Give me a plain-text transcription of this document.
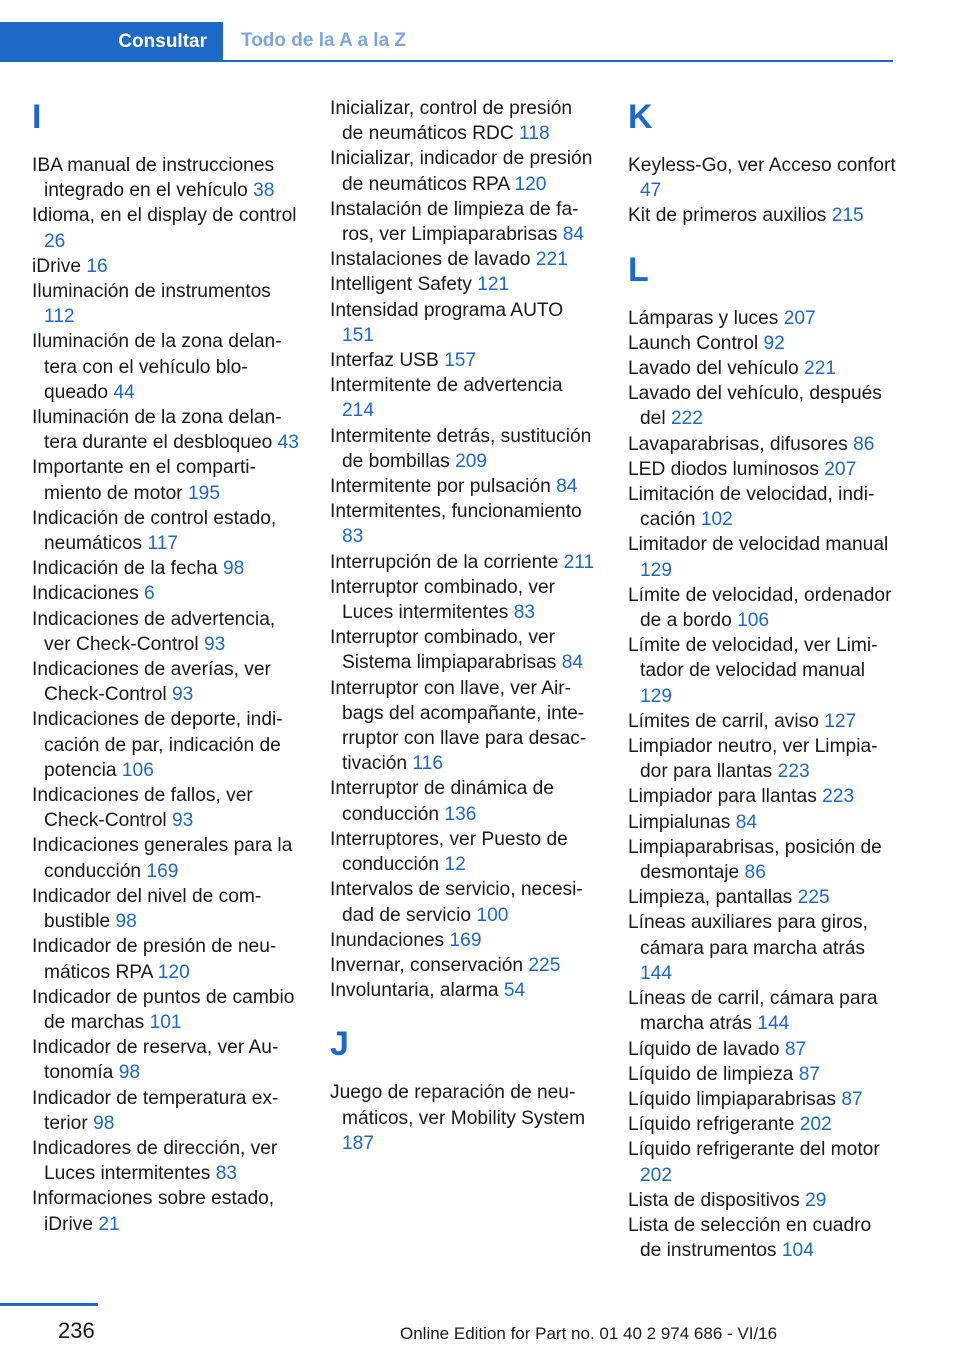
Consultar Todo de la A a la Z
I
IBA manual de instrucciones integrado en el vehículo 38
Idioma, en el display de control 26
iDrive 16
Iluminación de instrumentos 112
Iluminación de la zona delantera con el vehículo bloqueado 44
Iluminación de la zona delantera durante el desbloqueo 43
Importante en el compartimiento de motor 195
Indicación de control estado, neumáticos 117
Indicación de la fecha 98
Indicaciones 6
Indicaciones de advertencia, ver Check-Control 93
Indicaciones de averías, ver Check-Control 93
Indicaciones de deporte, indicación de par, indicación de potencia 106
Indicaciones de fallos, ver Check-Control 93
Indicaciones generales para la conducción 169
Indicador del nivel de combustible 98
Indicador de presión de neumáticos RPA 120
Indicador de puntos de cambio de marchas 101
Indicador de reserva, ver Autonomía 98
Indicador de temperatura exterior 98
Indicadores de dirección, ver Luces intermitentes 83
Informaciones sobre estado, iDrive 21
Inicializar, control de presión de neumáticos RDC 118
Inicializar, indicador de presión de neumáticos RPA 120
Instalación de limpieza de faros, ver Limpiaparabrisas 84
Instalaciones de lavado 221
Intelligent Safety 121
Intensidad programa AUTO 151
Interfaz USB 157
Intermitente de advertencia 214
Intermitente detrás, sustitución de bombillas 209
Intermitente por pulsación 84
Intermitentes, funcionamiento 83
Interrupción de la corriente 211
Interruptor combinado, ver Luces intermitentes 83
Interruptor combinado, ver Sistema limpiaparabrisas 84
Interruptor con llave, ver Airbags del acompañante, interruptor con llave para desactivación 116
Interruptor de dinámica de conducción 136
Interruptores, ver Puesto de conducción 12
Intervalos de servicio, necesidad de servicio 100
Inundaciones 169
Invernar, conservación 225
Involuntaria, alarma 54
J
Juego de reparación de neumáticos, ver Mobility System 187
K
Keyless-Go, ver Acceso confort 47
Kit de primeros auxilios 215
L
Lámparas y luces 207
Launch Control 92
Lavado del vehículo 221
Lavado del vehículo, después del 222
Lavaparabrisas, difusores 86
LED diodos luminosos 207
Limitación de velocidad, indicación 102
Limitador de velocidad manual 129
Límite de velocidad, ordenador de a bordo 106
Límite de velocidad, ver Limitador de velocidad manual 129
Límites de carril, aviso 127
Limpiador neutro, ver Limpiador para llantas 223
Limpiador para llantas 223
Limpialunas 84
Limpiaparabrisas, posición de desmontaje 86
Limpieza, pantallas 225
Líneas auxiliares para giros, cámara para marcha atrás 144
Líneas de carril, cámara para marcha atrás 144
Líquido de lavado 87
Líquido de limpieza 87
Líquido limpiaparabrisas 87
Líquido refrigerante 202
Líquido refrigerante del motor 202
Lista de dispositivos 29
Lista de selección en cuadro de instrumentos 104
236	Online Edition for Part no. 01 40 2 974 686 - VI/16
